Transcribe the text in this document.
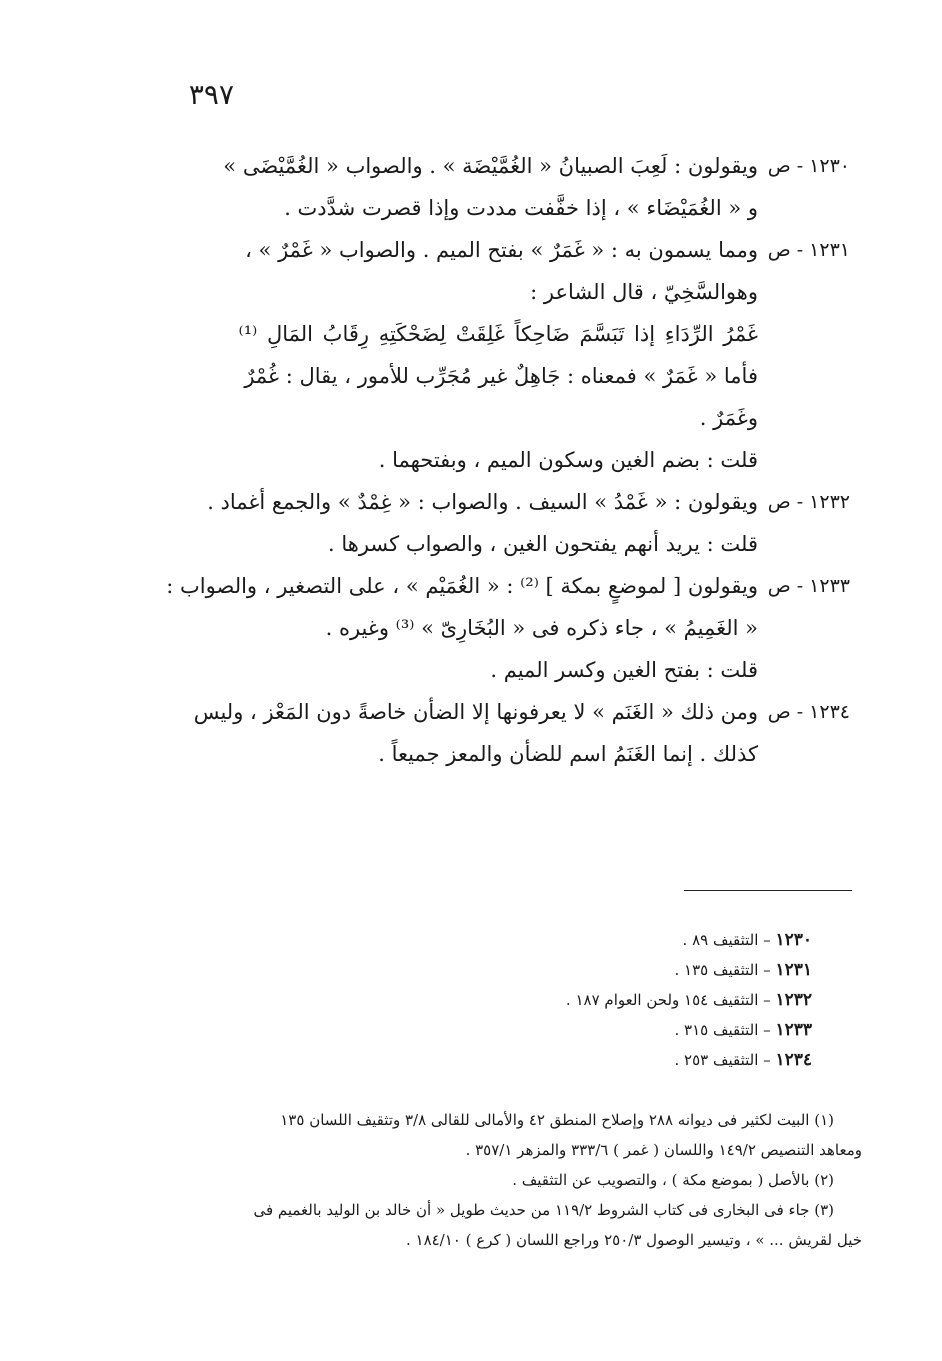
٣٩٧
١٢٣٠ - ص
ويقولون : لَعِبَ الصبيانُ « الغُمَّيْضَة » . والصواب « الغُمَّيْضَى »
و « الغُمَيْضَاء » ، إذا خفَّفت مددت وإذا قصرت شدَّدت .
١٢٣١ - ص
ومما يسمون به : « غَمَرٌ » بفتح الميم . والصواب « غَمْرٌ » ،
وهوالسَّخِيّ ، قال الشاعر :
غَمْرُ الرِّدَاءِ إذا تَبَسَّمَ ضَاحِكاً غَلِقَتْ لِضَحْكَتِهِ رِقَابُ المَالِ ⁽¹⁾
فأما « غَمَرٌ » فمعناه : جَاهِلٌ غير مُجَرِّب للأمور ، يقال : غُمْرٌ
وغَمَرٌ .
قلت : بضم الغين وسكون الميم ، وبفتحهما .
١٢٣٢ - ص
ويقولون : « غَمْدُ » السيف . والصواب : « غِمْدٌ » والجمع أغماد .
قلت : يريد أنهم يفتحون الغين ، والصواب كسرها .
١٢٣٣ - ص
ويقولون [ لموضعٍ بمكة ] ⁽²⁾ : « الغُمَيْم » ، على التصغير ، والصواب :
« الغَمِيمُ » ، جاء ذكره فى « البُخَارِىّ » ⁽³⁾ وغيره .
قلت : بفتح الغين وكسر الميم .
١٢٣٤ - ص
ومن ذلك « الغَنَم » لا يعرفونها إلا الضأن خاصةً دون المَعْز ، وليس
كذلك . إنما الغَنَمُ اسم للضأن والمعز جميعاً .
١٢٣٠ – التثقيف ٨٩ .
١٢٣١ – التثقيف ١٣٥ .
١٢٣٢ – التثقيف ١٥٤ ولحن العوام ١٨٧ .
١٢٣٣ – التثقيف ٣١٥ .
١٢٣٤ – التثقيف ٢٥٣ .
(١) البيت لكثير فى ديوانه ٢٨٨ وإصلاح المنطق ٤٢ والأمالى للقالى ٣/٨ وتثقيف اللسان ١٣٥
ومعاهد التنصيص ١٤٩/٢ واللسان ( غمر ) ٣٣٣/٦ والمزهر ٣٥٧/١ .
(٢) بالأصل ( بموضع مكة ) ، والتصويب عن التثقيف .
(٣) جاء فى البخارى فى كتاب الشروط ١١٩/٢ من حديث طويل « أن خالد بن الوليد بالغميم فى
خيل لقريش ... » ، وتيسير الوصول ٢٥٠/٣ وراجع اللسان ( كرع ) ١٨٤/١٠ .
